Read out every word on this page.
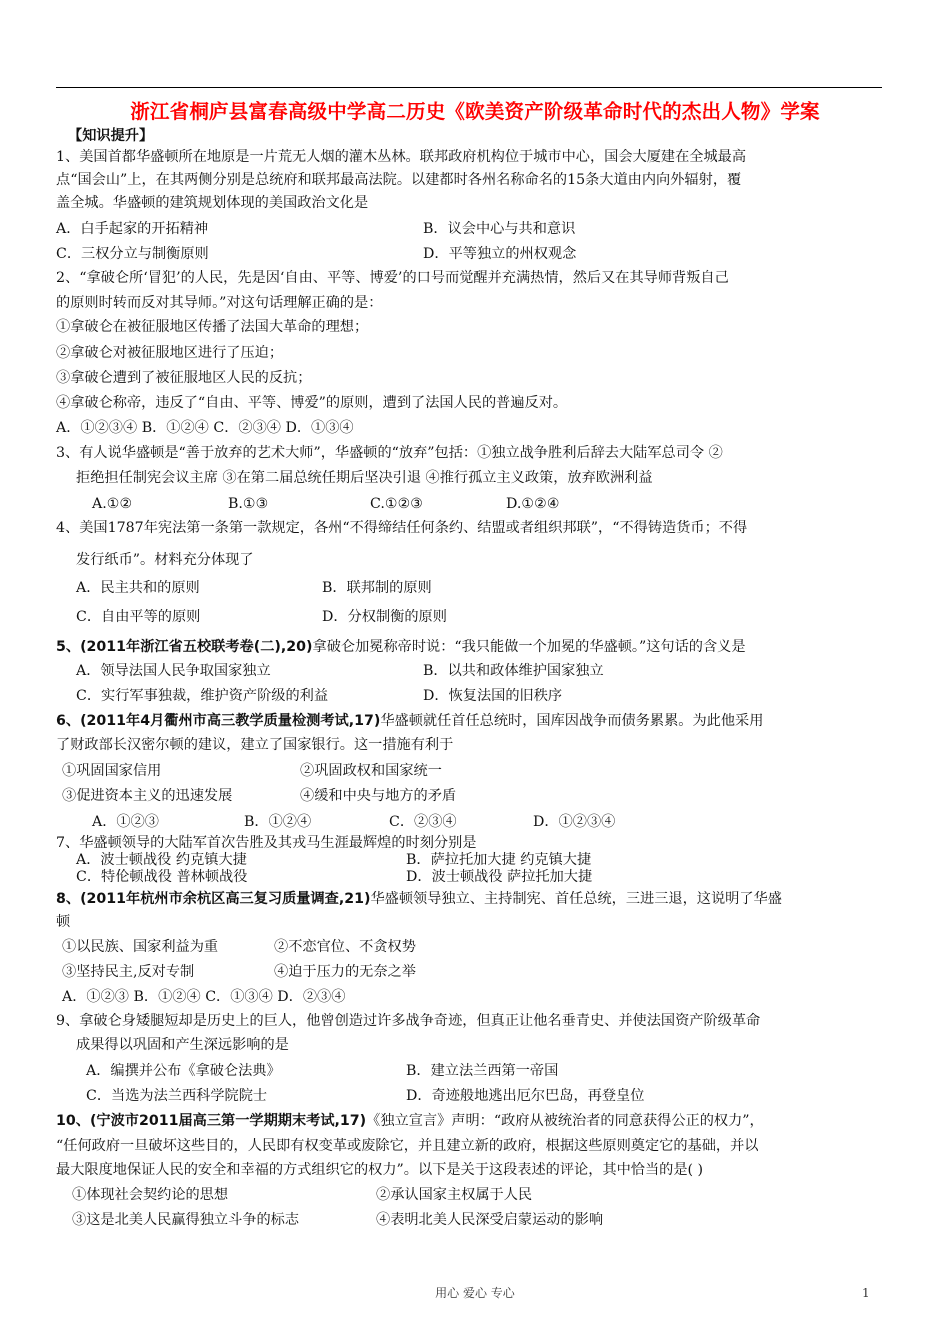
浙江省桐庐县富春高级中学高二历史《欧美资产阶级革命时代的杰出人物》学案
【知识提升】
1、美国首都华盛顿所在地原是一片荒无人烟的灌木丛林。联邦政府机构位于城市中心，国会大厦建在全城最高
点“国会山”上，在其两侧分别是总统府和联邦最高法院。以建都时各州名称命名的15条大道由内向外辐射，覆
盖全城。华盛顿的建筑规划体现的美国政治文化是
A．白手起家的开拓精神	B．议会中心与共和意识
C．三权分立与制衡原则	D．平等独立的州权观念
2、“拿破仑所‘冒犯’的人民，先是因‘自由、平等、博爱’的口号而觉醒并充满热情，然后又在其导师背叛自己
的原则时转而反对其导师。”对这句话理解正确的是：
①拿破仑在被征服地区传播了法国大革命的理想；
②拿破仑对被征服地区进行了压迫；
③拿破仑遭到了被征服地区人民的反抗；
④拿破仑称帝，违反了“自由、平等、博爱”的原则，遭到了法国人民的普遍反对。
A．①②③④ B．①②④ C．②③④ D．①③④
3、有人说华盛顿是“善于放弃的艺术大师”，华盛顿的“放弃”包括：①独立战争胜利后辞去大陆军总司令 ②
拒绝担任制宪会议主席 ③在第二届总统任期后坚决引退 ④推行孤立主义政策，放弃欧洲利益
A.①②	B.①③	C.①②③	D.①②④
4、美国1787年宪法第一条第一款规定，各州“不得缔结任何条约、结盟或者组织邦联”，“不得铸造货币；不得
发行纸币”。材料充分体现了
A．民主共和的原则	B．联邦制的原则
C．自由平等的原则	D．分权制衡的原则
5、(2011年浙江省五校联考卷(二),20)拿破仑加冕称帝时说：“我只能做一个加冕的华盛顿。”这句话的含义是
A．领导法国人民争取国家独立	B．以共和政体维护国家独立
C．实行军事独裁，维护资产阶级的利益	D．恢复法国的旧秩序
6、(2011年4月衢州市高三教学质量检测考试,17)华盛顿就任首任总统时，国库因战争而债务累累。为此他采用
了财政部长汉密尔顿的建议，建立了国家银行。这一措施有利于
①巩固国家信用	②巩固政权和国家统一
③促进资本主义的迅速发展	④缓和中央与地方的矛盾
A．①②③	B．①②④	C．②③④	D．①②③④
7、华盛顿领导的大陆军首次告胜及其戎马生涯最辉煌的时刻分别是
A．波士顿战役 约克镇大捷	B．萨拉托加大捷 约克镇大捷
C．特伦顿战役 普林顿战役	D．波士顿战役 萨拉托加大捷
8、(2011年杭州市余杭区高三复习质量调查,21)华盛顿领导独立、主持制宪、首任总统，三进三退，这说明了华盛
顿
①以民族、国家利益为重	②不恋官位、不贪权势
③坚持民主,反对专制	④迫于压力的无奈之举
A．①②③ B．①②④ C．①③④ D．②③④
9、拿破仑身矮腿短却是历史上的巨人，他曾创造过许多战争奇迹，但真正让他名垂青史、并使法国资产阶级革命
成果得以巩固和产生深远影响的是
A．编撰并公布《拿破仑法典》	B．建立法兰西第一帝国
C．当选为法兰西科学院院士	D．奇迹般地逃出厄尔巴岛，再登皇位
10、(宁波市2011届高三第一学期期末考试,17)《独立宣言》声明：“政府从被统治者的同意获得公正的权力”，
“任何政府一旦破坏这些目的，人民即有权变革或废除它，并且建立新的政府，根据这些原则奠定它的基础，并以
最大限度地保证人民的安全和幸福的方式组织它的权力”。以下是关于这段表述的评论，其中恰当的是( )
①体现社会契约论的思想	②承认国家主权属于人民
③这是北美人民赢得独立斗争的标志	④表明北美人民深受启蒙运动的影响
用心 爱心 专心	1
